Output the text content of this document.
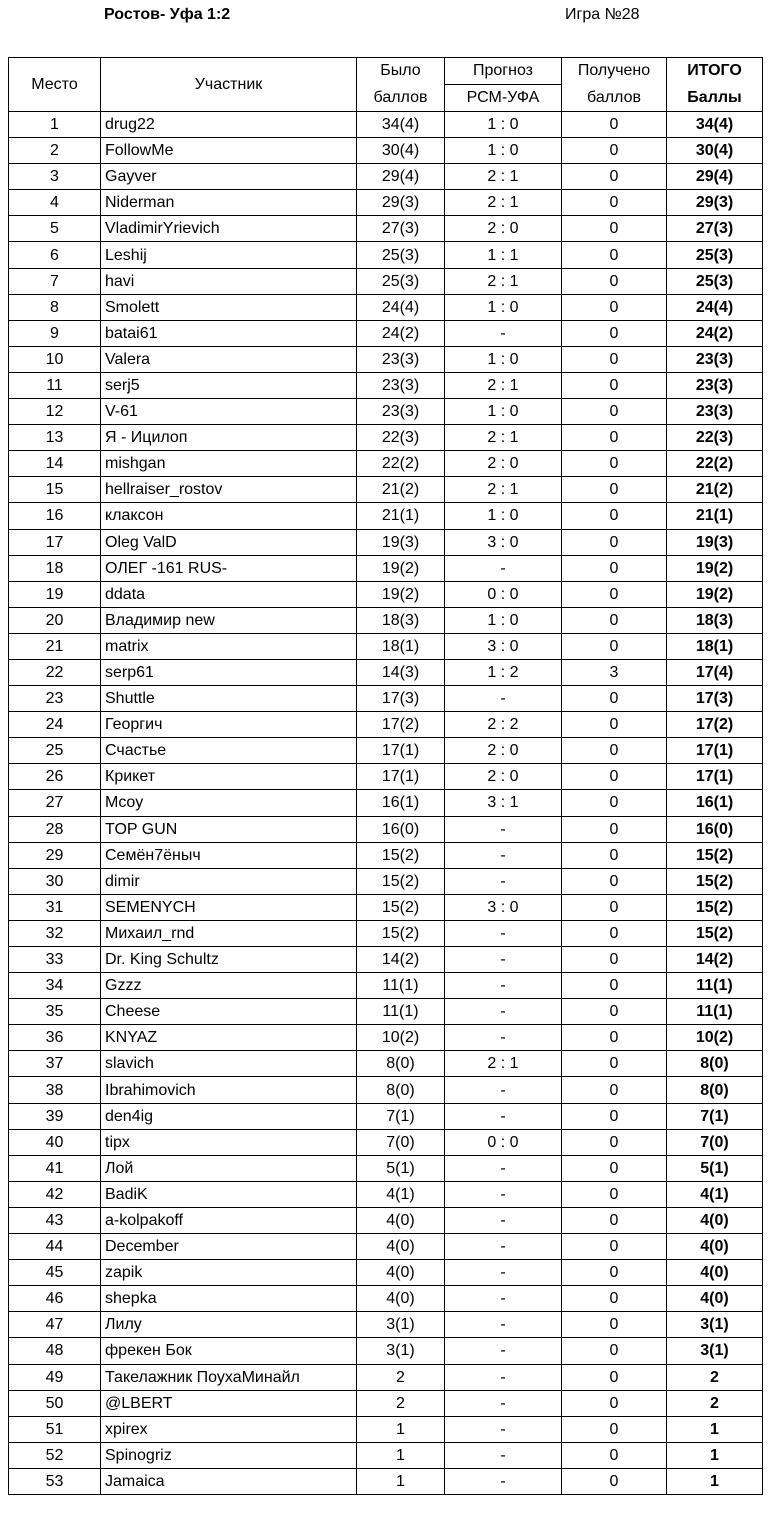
Ростов- Уфа 1:2	Игра №28
Место	Участник	Было	Прогноз	Получено	ИТОГО
		баллов	РСМ-УФА	баллов	Баллы
1	drug22	34(4)	1 : 0	0	34(4)
2	FollowMe	30(4)	1 : 0	0	30(4)
3	Gayver	29(4)	2 : 1	0	29(4)
4	Niderman	29(3)	2 : 1	0	29(3)
5	VladimirYrievich	27(3)	2 : 0	0	27(3)
6	Leshij	25(3)	1 : 1	0	25(3)
7	havi	25(3)	2 : 1	0	25(3)
8	Smolett	24(4)	1 : 0	0	24(4)
9	batai61	24(2)	-	0	24(2)
10	Valera	23(3)	1 : 0	0	23(3)
11	serj5	23(3)	2 : 1	0	23(3)
12	V-61	23(3)	1 : 0	0	23(3)
13	Я - Ицилоп	22(3)	2 : 1	0	22(3)
14	mishgan	22(2)	2 : 0	0	22(2)
15	hellraiser_rostov	21(2)	2 : 1	0	21(2)
16	клаксон	21(1)	1 : 0	0	21(1)
17	Oleg ValD	19(3)	3 : 0	0	19(3)
18	ОЛЕГ -161 RUS-	19(2)	-	0	19(2)
19	ddata	19(2)	0 : 0	0	19(2)
20	Владимир new	18(3)	1 : 0	0	18(3)
21	matrix	18(1)	3 : 0	0	18(1)
22	serp61	14(3)	1 : 2	3	17(4)
23	Shuttle	17(3)	-	0	17(3)
24	Георгич	17(2)	2 : 2	0	17(2)
25	Счастье	17(1)	2 : 0	0	17(1)
26	Крикет	17(1)	2 : 0	0	17(1)
27	Mcoy	16(1)	3 : 1	0	16(1)
28	TOP GUN	16(0)	-	0	16(0)
29	Семён7ёныч	15(2)	-	0	15(2)
30	dimir	15(2)	-	0	15(2)
31	SEMENYCH	15(2)	3 : 0	0	15(2)
32	Михаил_rnd	15(2)	-	0	15(2)
33	Dr. King Schultz	14(2)	-	0	14(2)
34	Gzzz	11(1)	-	0	11(1)
35	Cheese	11(1)	-	0	11(1)
36	KNYAZ	10(2)	-	0	10(2)
37	slavich	8(0)	2 : 1	0	8(0)
38	Ibrahimovich	8(0)	-	0	8(0)
39	den4ig	7(1)	-	0	7(1)
40	tipx	7(0)	0 : 0	0	7(0)
41	Лой	5(1)	-	0	5(1)
42	BadiK	4(1)	-	0	4(1)
43	a-kolpakoff	4(0)	-	0	4(0)
44	December	4(0)	-	0	4(0)
45	zapik	4(0)	-	0	4(0)
46	shepka	4(0)	-	0	4(0)
47	Лилу	3(1)	-	0	3(1)
48	фрекен Бок	3(1)	-	0	3(1)
49	Такелажник ПоухаМинайл	2	-	0	2
50	@LBERT	2	-	0	2
51	xpirex	1	-	0	1
52	Spinogriz	1	-	0	1
53	Jamaica	1	-	0	1
